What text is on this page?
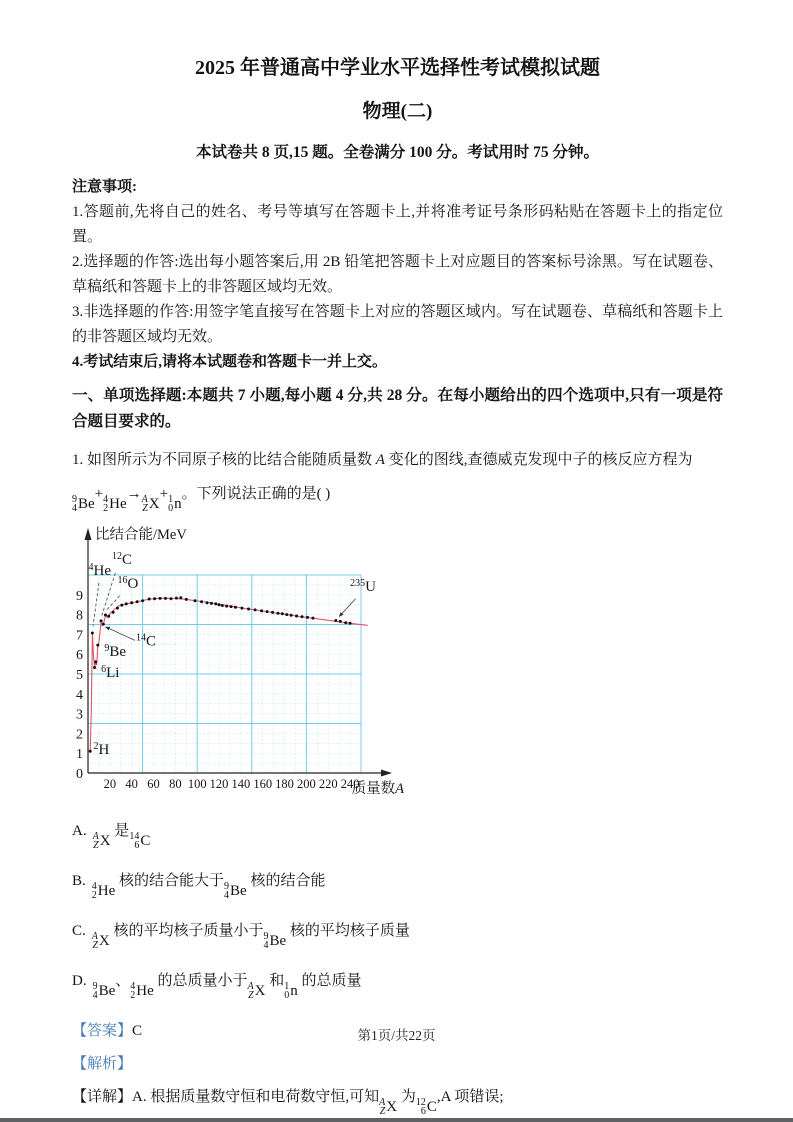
2025 年普通高中学业水平选择性考试模拟试题
物理(二)

本试卷共 8 页,15 题。全卷满分 100 分。考试用时 75 分钟。

注意事项:

1.答题前,先将自己的姓名、考号等填写在答题卡上,并将准考证号条形码粘贴在答题卡上的指定位置。

2.选择题的作答:选出每小题答案后,用 2B 铅笔把答题卡上对应题目的答案标号涂黑。写在试题卷、草稿纸和答题卡上的非答题区域均无效。

3.非选择题的作答:用签字笔直接写在答题卡上对应的答题区域内。写在试题卷、草稿纸和答题卡上的非答题区域均无效。

4.考试结束后,请将本试题卷和答题卡一并上交。

一、单项选择题:本题共 7 小题,每小题 4 分,共 28 分。在每小题给出的四个选项中,只有一项是符合题目要求的。

1. 如图所示为不同原子核的比结合能随质量数 A 变化的图线,查德威克发现中子的核反应方程为

9
4 Be
+ 4
2 He
→ A
Z X
+ 1
0 n
。下列说法正确的是( )

0
1
2
3
4
5
6
7
8
9
20 40 60 80 100 120 140 160 180 200 220 240
比结合能/MeV
质量数A
$^4$He
$^{12}$C
$^{16}$O
$^{14}$C
$^9$Be
$^6$Li
$^2$H
$^{235}$U

A. A
Z X
是 14
6 C

B. 4
2 He
核的结合能大于 9
4 Be
核的结合能

C. A
Z X
核的平均核子质量小于 9
4 Be
核的平均核子质量

D. 9
4 Be
、 4
2 He
的总质量小于 A
Z X
和 1
0 n
的总质量

【答案】C

【解析】

【详解】A. 根据质量数守恒和电荷数守恒,可知 A
Z X
为 12
6 C
,A 项错误;

第1页/共22页
